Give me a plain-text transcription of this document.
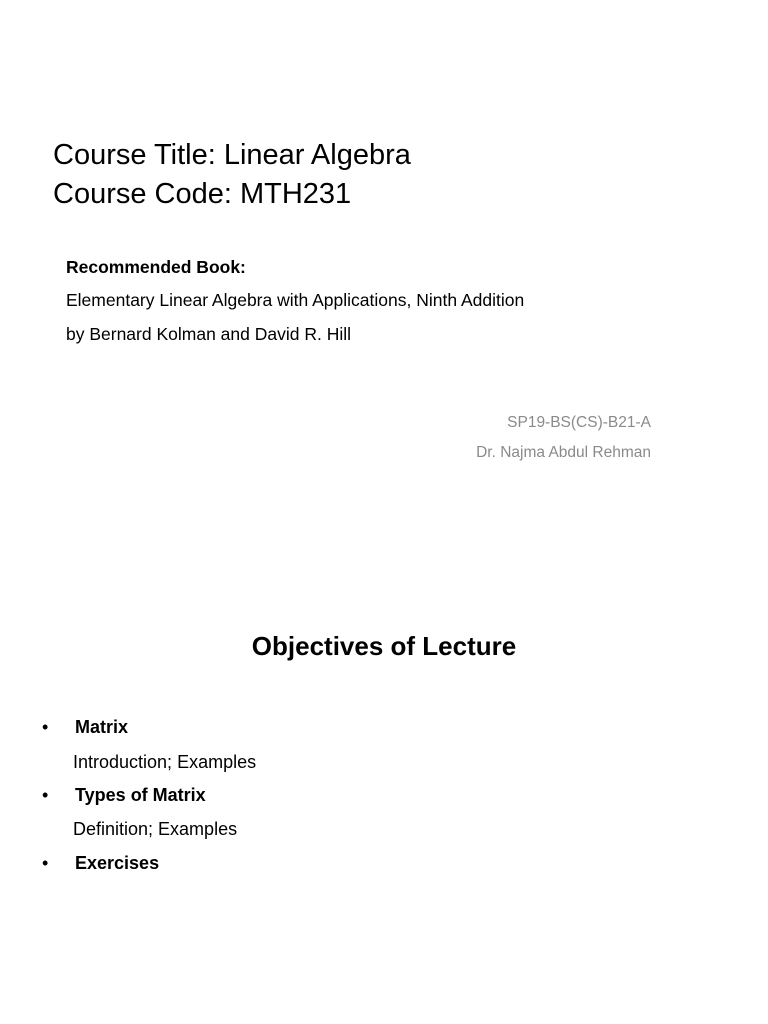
Course Title: Linear Algebra
Course Code: MTH231
Recommended Book:
Elementary Linear Algebra with Applications, Ninth Addition
by Bernard Kolman and David R. Hill
SP19-BS(CS)-B21-A
Dr. Najma Abdul Rehman
Objectives of Lecture
• Matrix
Introduction; Examples
• Types of Matrix
Definition; Examples
• Exercises
